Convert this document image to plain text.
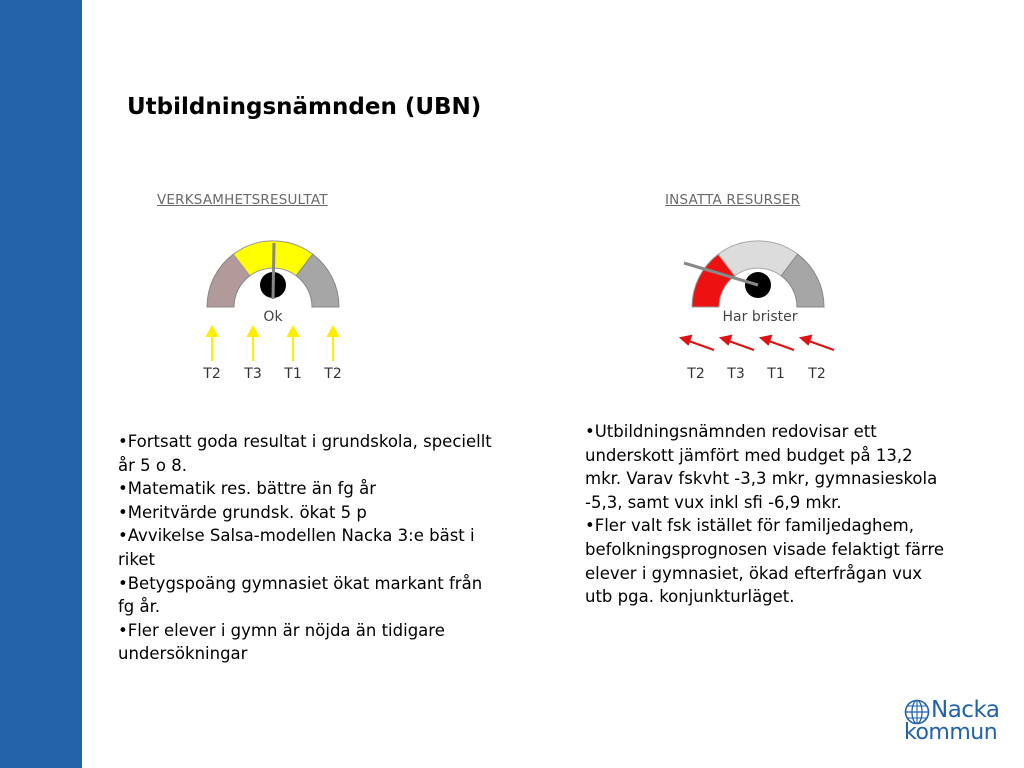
Utbildningsnämnden (UBN)
VERKSAMHETSRESULTAT
Ok
T2	T3	T1	T2
INSATTA RESURSER
Har brister
T2	T3	T1	T2
• Fortsatt goda resultat i grundskola, speciellt år 5 o 8.
• Matematik res. bättre än fg år
• Meritvärde grundsk. ökat 5 p
• Avvikelse Salsa-modellen Nacka 3:e bäst i riket
• Betygspoäng gymnasiet ökat markant från fg år.
• Fler elever i gymn är nöjda än tidigare undersökningar
• Utbildningsnämnden redovisar ett underskott jämfört med budget på 13,2 mkr. Varav fskvht -3,3 mkr, gymnasieskola -5,3, samt vux inkl sfi -6,9 mkr.
• Fler valt fsk istället för familjedaghem, befolkningsprognosen visade felaktigt färre elever i gymnasiet, ökad efterfrågan vux utb pga. konjunkturläget.
Nacka
kommun
